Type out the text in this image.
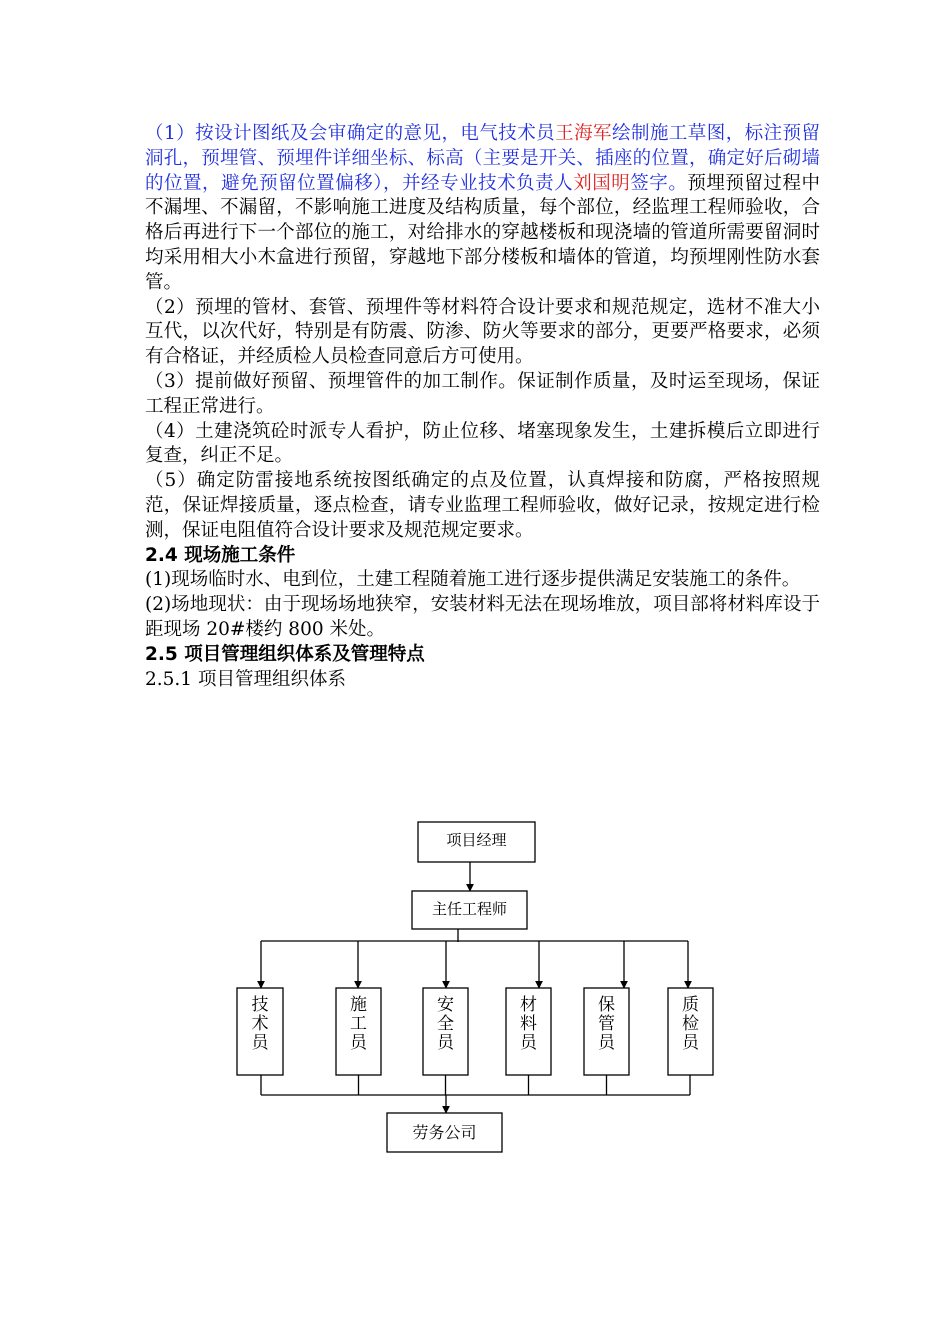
（1）按设计图纸及会审确定的意见，电气技术员王海军绘制施工草图，标注预留洞孔，预埋管、预埋件详细坐标、标高（主要是开关、插座的位置，确定好后砌墙的位置，避免预留位置偏移），并经专业技术负责人刘国明签字。预埋预留过程中不漏埋、不漏留，不影响施工进度及结构质量，每个部位，经监理工程师验收，合格后再进行下一个部位的施工，对给排水的穿越楼板和现浇墙的管道所需要留洞时均采用相大小木盒进行预留，穿越地下部分楼板和墙体的管道，均预埋刚性防水套管。

（2）预埋的管材、套管、预埋件等材料符合设计要求和规范规定，选材不准大小互代，以次代好，特别是有防震、防渗、防火等要求的部分，更要严格要求，必须有合格证，并经质检人员检查同意后方可使用。

（3）提前做好预留、预埋管件的加工制作。保证制作质量，及时运至现场，保证工程正常进行。

（4）土建浇筑砼时派专人看护，防止位移、堵塞现象发生，土建拆模后立即进行复查，纠正不足。

（5）确定防雷接地系统按图纸确定的点及位置，认真焊接和防腐，严格按照规范，保证焊接质量，逐点检查，请专业监理工程师验收，做好记录，按规定进行检测，保证电阻值符合设计要求及规范规定要求。

2.4 现场施工条件

(1)现场临时水、电到位，土建工程随着施工进行逐步提供满足安装施工的条件。

(2)场地现状：由于现场场地狭窄，安装材料无法在现场堆放，项目部将材料库设于距现场 20#楼约 800 米处。

2.5 项目管理组织体系及管理特点

2.5.1 项目管理组织体系

项目经理
主任工程师
技
术
员
施
工
员
安
全
员
材
料
员
保
管
员
质
检
员
劳务公司
